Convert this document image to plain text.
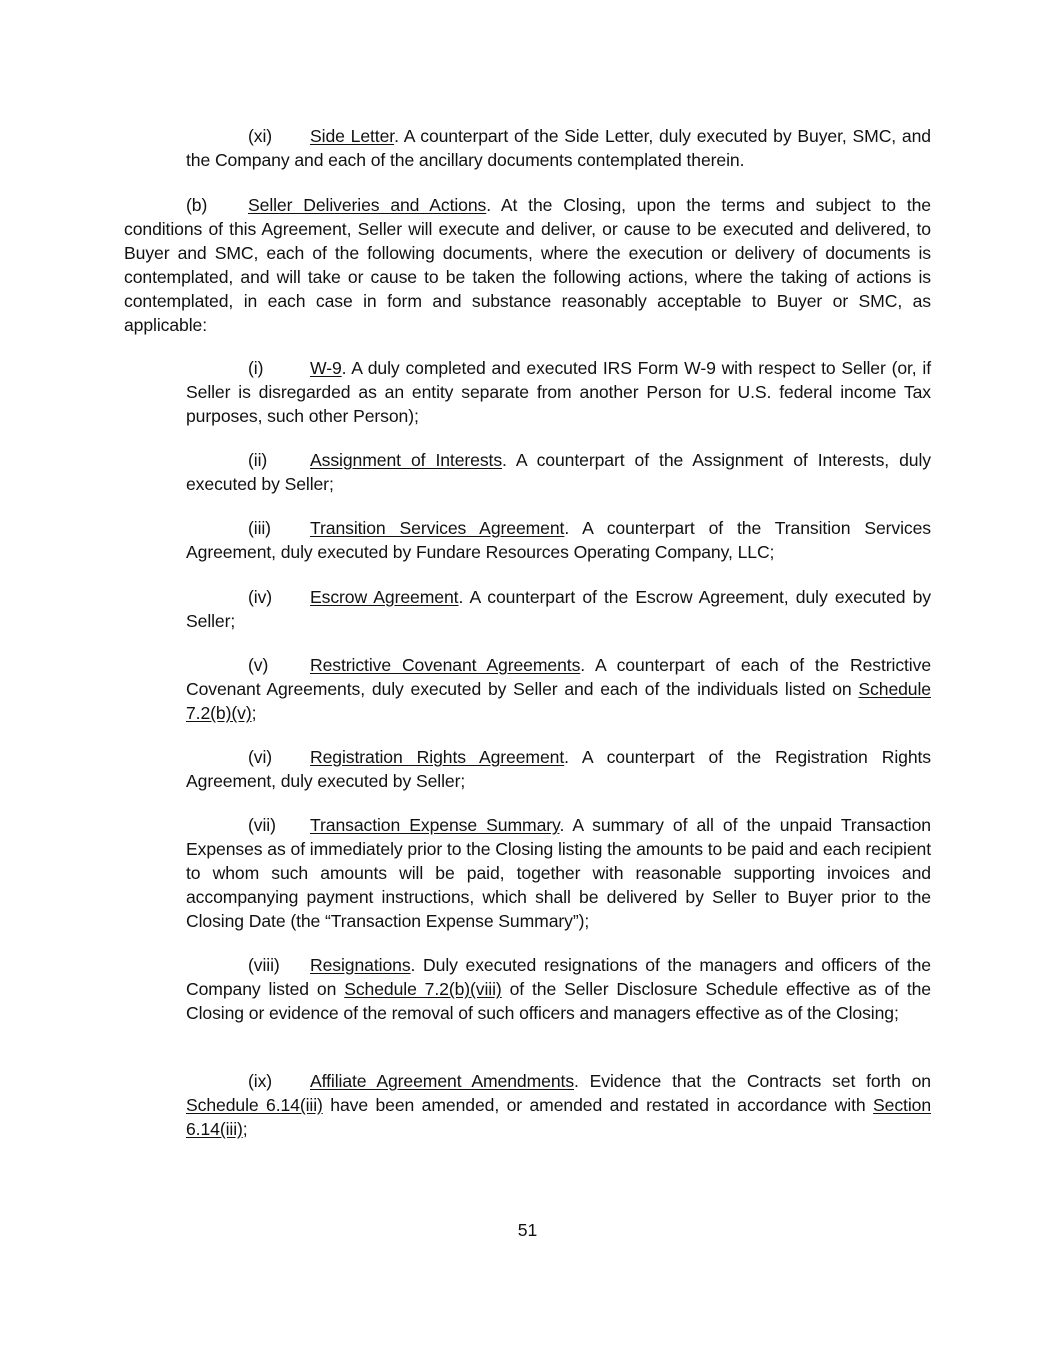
(xi) Side Letter. A counterpart of the Side Letter, duly executed by Buyer, SMC, and the Company and each of the ancillary documents contemplated therein.
(b) Seller Deliveries and Actions. At the Closing, upon the terms and subject to the conditions of this Agreement, Seller will execute and deliver, or cause to be executed and delivered, to Buyer and SMC, each of the following documents, where the execution or delivery of documents is contemplated, and will take or cause to be taken the following actions, where the taking of actions is contemplated, in each case in form and substance reasonably acceptable to Buyer or SMC, as applicable:
(i)	W-9. A duly completed and executed IRS Form W-9 with respect to Seller (or, if Seller is disregarded as an entity separate from another Person for U.S. federal income Tax purposes, such other Person);
(ii) Assignment of Interests. A counterpart of the Assignment of Interests, duly executed by Seller;
(iii) Transition Services Agreement. A counterpart of the Transition Services Agreement, duly executed by Fundare Resources Operating Company, LLC;
(iv) Escrow Agreement. A counterpart of the Escrow Agreement, duly executed by Seller;
(v) Restrictive Covenant Agreements. A counterpart of each of the Restrictive Covenant Agreements, duly executed by Seller and each of the individuals listed on Schedule 7.2(b)(v);
(vi) Registration Rights Agreement. A counterpart of the Registration Rights Agreement, duly executed by Seller;
(vii) Transaction Expense Summary. A summary of all of the unpaid Transaction Expenses as of immediately prior to the Closing listing the amounts to be paid and each recipient to whom such amounts will be paid, together with reasonable supporting invoices and accompanying payment instructions, which shall be delivered by Seller to Buyer prior to the Closing Date (the “Transaction Expense Summary”);
(viii) Resignations. Duly executed resignations of the managers and officers of the Company listed on Schedule 7.2(b)(viii) of the Seller Disclosure Schedule effective as of the Closing or evidence of the removal of such officers and managers effective as of the Closing;
(ix) Affiliate Agreement Amendments. Evidence that the Contracts set forth on Schedule 6.14(iii) have been amended, or amended and restated in accordance with Section 6.14(iii);
51
